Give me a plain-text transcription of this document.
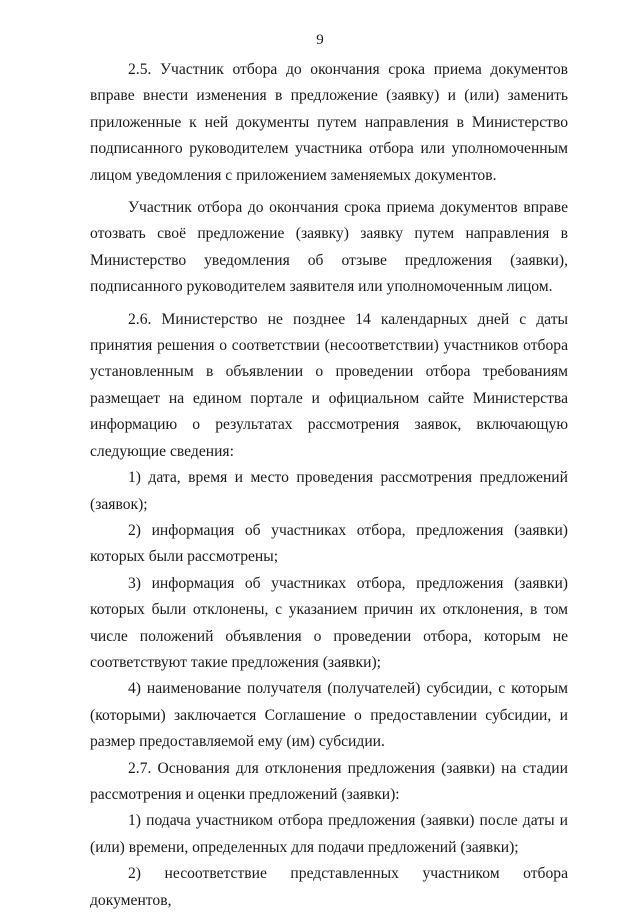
9

2.5. Участник отбора до окончания срока приема документов вправе внести изменения в предложение (заявку) и (или) заменить приложенные к ней документы путем направления в Министерство подписанного руководителем участника отбора или уполномоченным лицом уведомления с приложением заменяемых документов.

Участник отбора до окончания срока приема документов вправе отозвать своё предложение (заявку) заявку путем направления в Министерство уведомления об отзыве предложения (заявки), подписанного руководителем заявителя или уполномоченным лицом.

2.6. Министерство не позднее 14 календарных дней с даты принятия решения о соответствии (несоответствии) участников отбора установленным в объявлении о проведении отбора требованиям размещает на едином портале и официальном сайте Министерства информацию о результатах рассмотрения заявок, включающую следующие сведения:

1) дата, время и место проведения рассмотрения предложений (заявок);

2) информация об участниках отбора, предложения (заявки) которых были рассмотрены;

3) информация об участниках отбора, предложения (заявки) которых были отклонены, с указанием причин их отклонения, в том числе положений объявления о проведении отбора, которым не соответствуют такие предложения (заявки);

4) наименование получателя (получателей) субсидии, с которым (которыми) заключается Соглашение о предоставлении субсидии, и размер предоставляемой ему (им) субсидии.

2.7. Основания для отклонения предложения (заявки) на стадии рассмотрения и оценки предложений (заявки):

1) подача участником отбора предложения (заявки) после даты и (или) времени, определенных для подачи предложений (заявки);

2) несоответствие представленных участником отбора документов,
